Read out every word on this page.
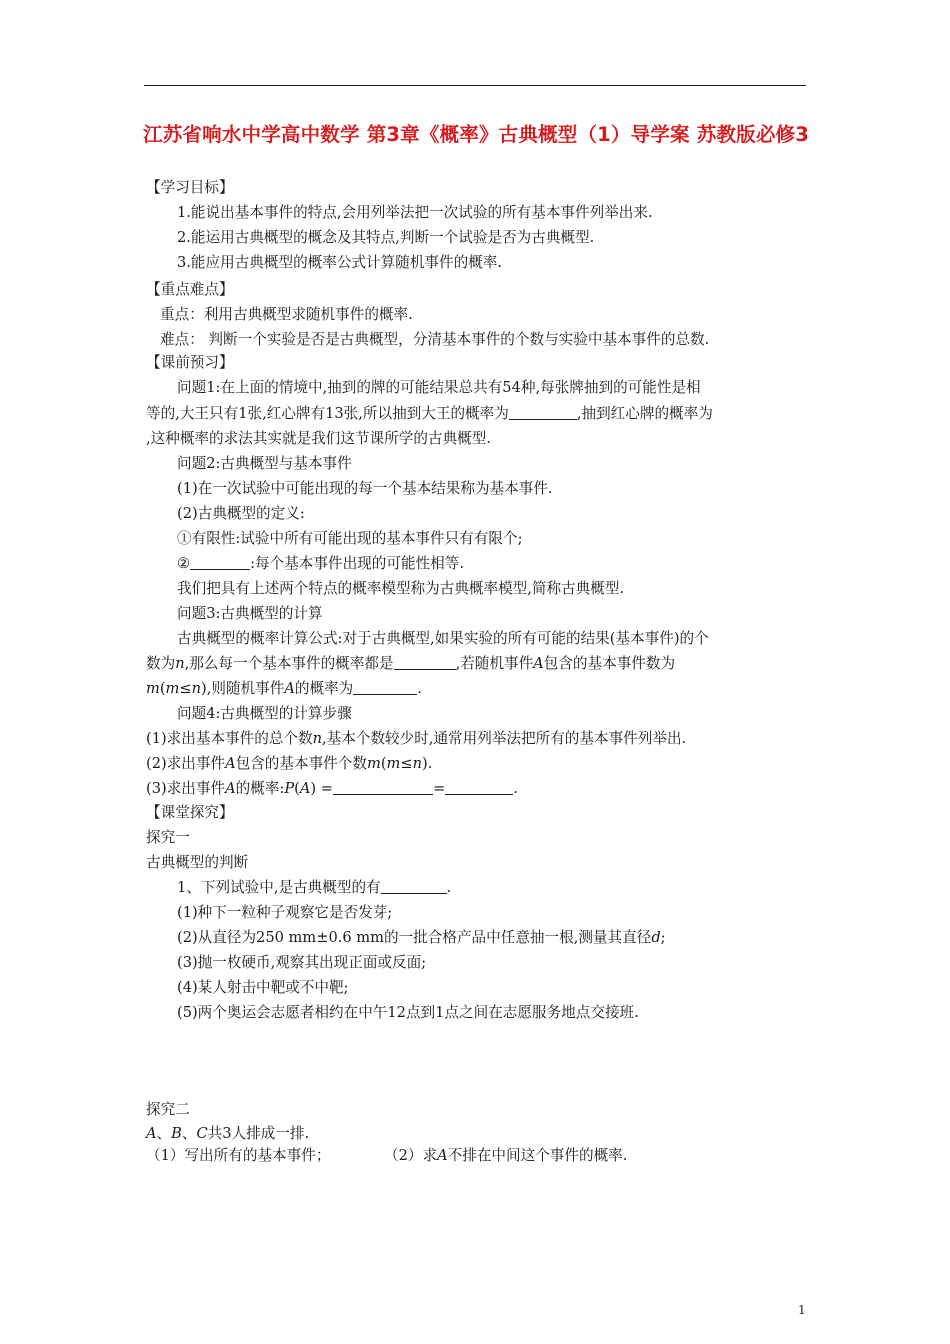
江苏省响水中学高中数学 第3章《概率》古典概型（1）导学案 苏教版必修3
【学习目标】
1.能说出基本事件的特点,会用列举法把一次试验的所有基本事件列举出来.
2.能运用古典概型的概念及其特点,判断一个试验是否为古典概型.
3.能应用古典概型的概率公式计算随机事件的概率.
【重点难点】
重点：利用古典概型求随机事件的概率.
难点： 判断一个实验是否是古典概型，分清基本事件的个数与实验中基本事件的总数.
【课前预习】
问题1:在上面的情境中,抽到的牌的可能结果总共有54种,每张牌抽到的可能性是相
等的,大王只有1张,红心牌有13张,所以抽到大王的概率为	,抽到红心牌的概率为
,这种概率的求法其实就是我们这节课所学的古典概型.
问题2:古典概型与基本事件
(1)在一次试验中可能出现的每一个基本结果称为基本事件.
(2)古典概型的定义:
①有限性:试验中所有可能出现的基本事件只有有限个;
②	:每个基本事件出现的可能性相等.
我们把具有上述两个特点的概率模型称为古典概率模型,简称古典概型.
问题3:古典概型的计算
古典概型的概率计算公式:对于古典概型,如果实验的所有可能的结果(基本事件)的个
数为n,那么每一个基本事件的概率都是	,若随机事件A包含的基本事件数为
m(m≤n),则随机事件A的概率为	.
问题4:古典概型的计算步骤
(1)求出基本事件的总个数n,基本个数较少时,通常用列举法把所有的基本事件列举出.
(2)求出事件A包含的基本事件个数m(m≤n).
(3)求出事件A的概率:P(A) =	=	.
【课堂探究】
探究一
古典概型的判断
1、下列试验中,是古典概型的有	.
(1)种下一粒种子观察它是否发芽;
(2)从直径为250 mm±0.6 mm的一批合格产品中任意抽一根,测量其直径d;
(3)抛一枚硬币,观察其出现正面或反面;
(4)某人射击中靶或不中靶;
(5)两个奥运会志愿者相约在中午12点到1点之间在志愿服务地点交接班.
探究二
A、B、C共3人排成一排.
（1）写出所有的基本事件；	（2）求A不排在中间这个事件的概率.
1
